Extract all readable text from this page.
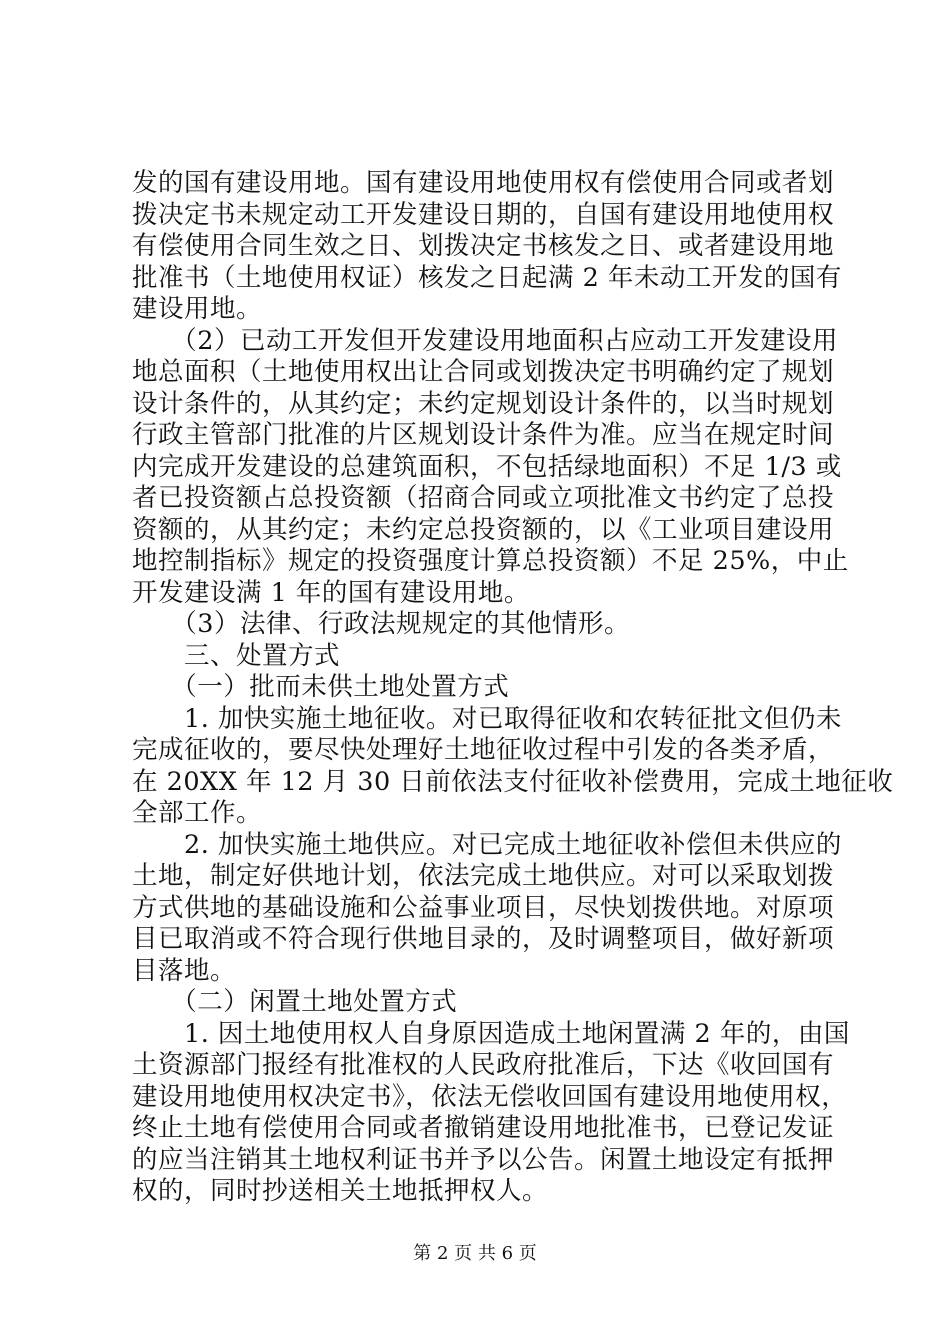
发的国有建设用地。国有建设用地使用权有偿使用合同或者划
拨决定书未规定动工开发建设日期的，自国有建设用地使用权
有偿使用合同生效之日、划拨决定书核发之日、或者建设用地
批准书（土地使用权证）核发之日起满 2 年未动工开发的国有
建设用地。
　　（2）已动工开发但开发建设用地面积占应动工开发建设用
地总面积（土地使用权出让合同或划拨决定书明确约定了规划
设计条件的，从其约定；未约定规划设计条件的，以当时规划
行政主管部门批准的片区规划设计条件为准。应当在规定时间
内完成开发建设的总建筑面积，不包括绿地面积）不足 1/3 或
者已投资额占总投资额（招商合同或立项批准文书约定了总投
资额的，从其约定；未约定总投资额的，以《工业项目建设用
地控制指标》规定的投资强度计算总投资额）不足 25%，中止
开发建设满 1 年的国有建设用地。
　　（3）法律、行政法规规定的其他情形。
　　三、处置方式
　　（一）批而未供土地处置方式
　　1. 加快实施土地征收。对已取得征收和农转征批文但仍未
完成征收的，要尽快处理好土地征收过程中引发的各类矛盾，
在 20XX 年 12 月 30 日前依法支付征收补偿费用，完成土地征收
全部工作。
　　2. 加快实施土地供应。对已完成土地征收补偿但未供应的
土地，制定好供地计划，依法完成土地供应。对可以采取划拨
方式供地的基础设施和公益事业项目，尽快划拨供地。对原项
目已取消或不符合现行供地目录的，及时调整项目，做好新项
目落地。
　　（二）闲置土地处置方式
　　1. 因土地使用权人自身原因造成土地闲置满 2 年的，由国
土资源部门报经有批准权的人民政府批准后，下达《收回国有
建设用地使用权决定书》，依法无偿收回国有建设用地使用权，
终止土地有偿使用合同或者撤销建设用地批准书，已登记发证
的应当注销其土地权利证书并予以公告。闲置土地设定有抵押
权的，同时抄送相关土地抵押权人。
第 2 页 共 6 页
